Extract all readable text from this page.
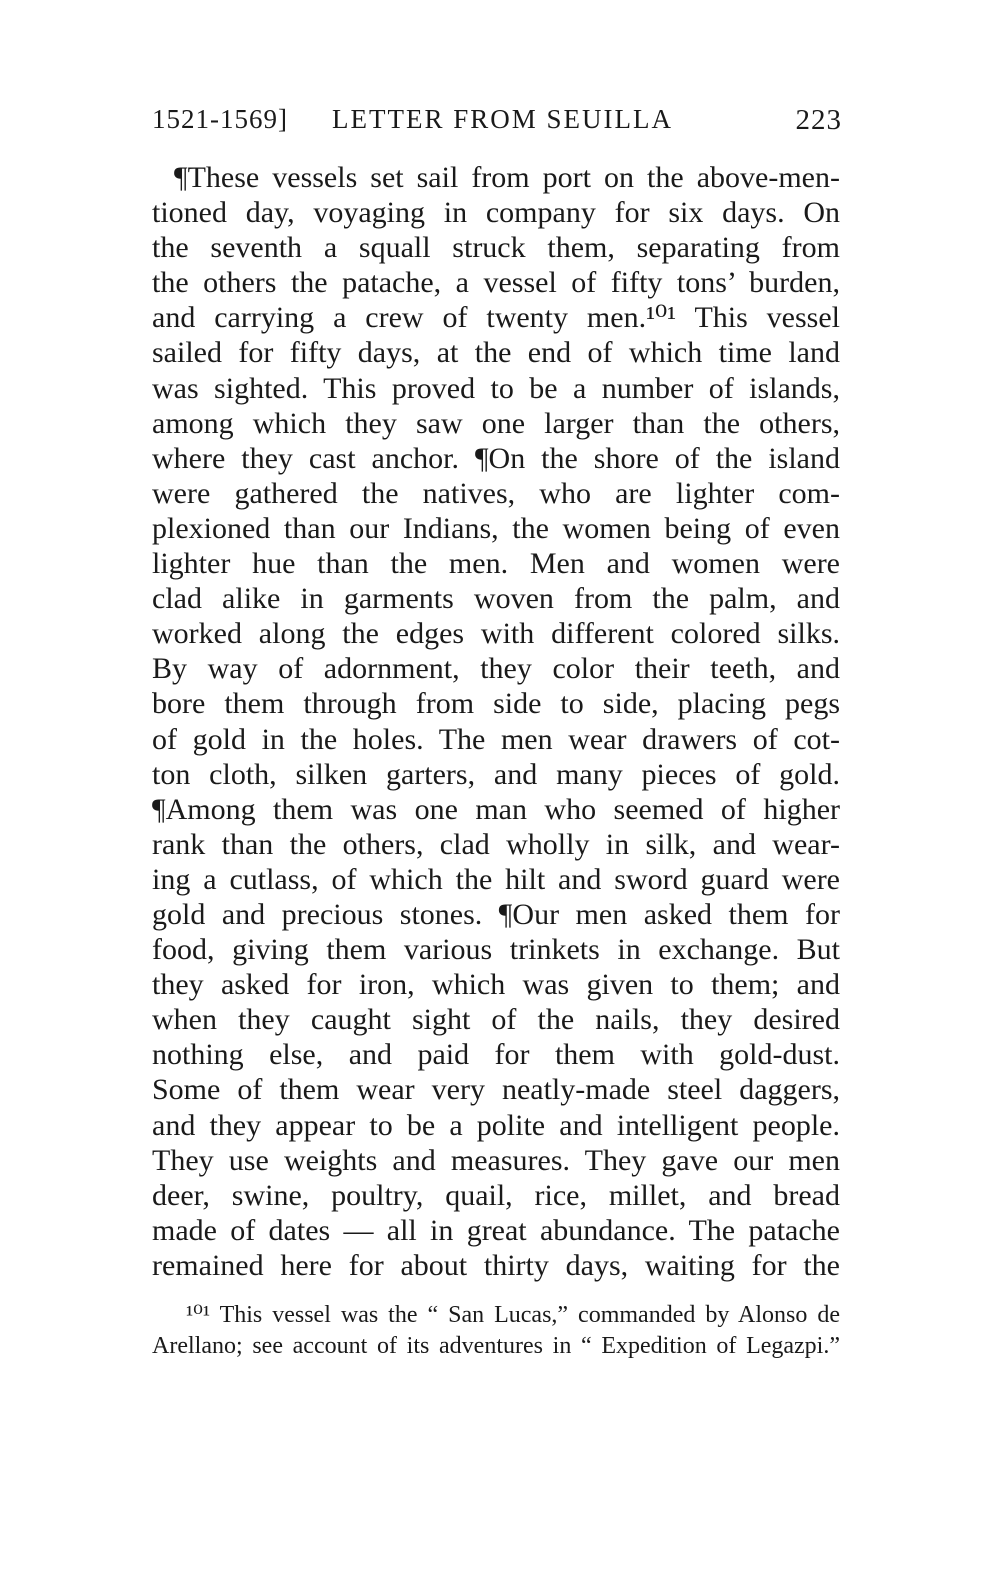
1521-1569] LETTER FROM SEUILLA	223
¶These vessels set sail from port on the above-men-
tioned day, voyaging in company for six days. On
the seventh a squall struck them, separating from
the others the patache, a vessel of fifty tons’ burden,
and carrying a crew of twenty men.¹⁰¹ This vessel
sailed for fifty days, at the end of which time land
was sighted. This proved to be a number of islands,
among which they saw one larger than the others,
where they cast anchor. ¶On the shore of the island
were gathered the natives, who are lighter com-
plexioned than our Indians, the women being of even
lighter hue than the men. Men and women were
clad alike in garments woven from the palm, and
worked along the edges with different colored silks.
By way of adornment, they color their teeth, and
bore them through from side to side, placing pegs
of gold in the holes. The men wear drawers of cot-
ton cloth, silken garters, and many pieces of gold.
¶Among them was one man who seemed of higher
rank than the others, clad wholly in silk, and wear-
ing a cutlass, of which the hilt and sword guard were
gold and precious stones. ¶Our men asked them for
food, giving them various trinkets in exchange. But
they asked for iron, which was given to them; and
when they caught sight of the nails, they desired
nothing else, and paid for them with gold-dust.
Some of them wear very neatly-made steel daggers,
and they appear to be a polite and intelligent people.
They use weights and measures. They gave our men
deer, swine, poultry, quail, rice, millet, and bread
made of dates — all in great abundance. The patache
remained here for about thirty days, waiting for the
¹⁰¹ This vessel was the “ San Lucas,” commanded by Alonso de
Arellano; see account of its adventures in “ Expedition of Legazpi.”
